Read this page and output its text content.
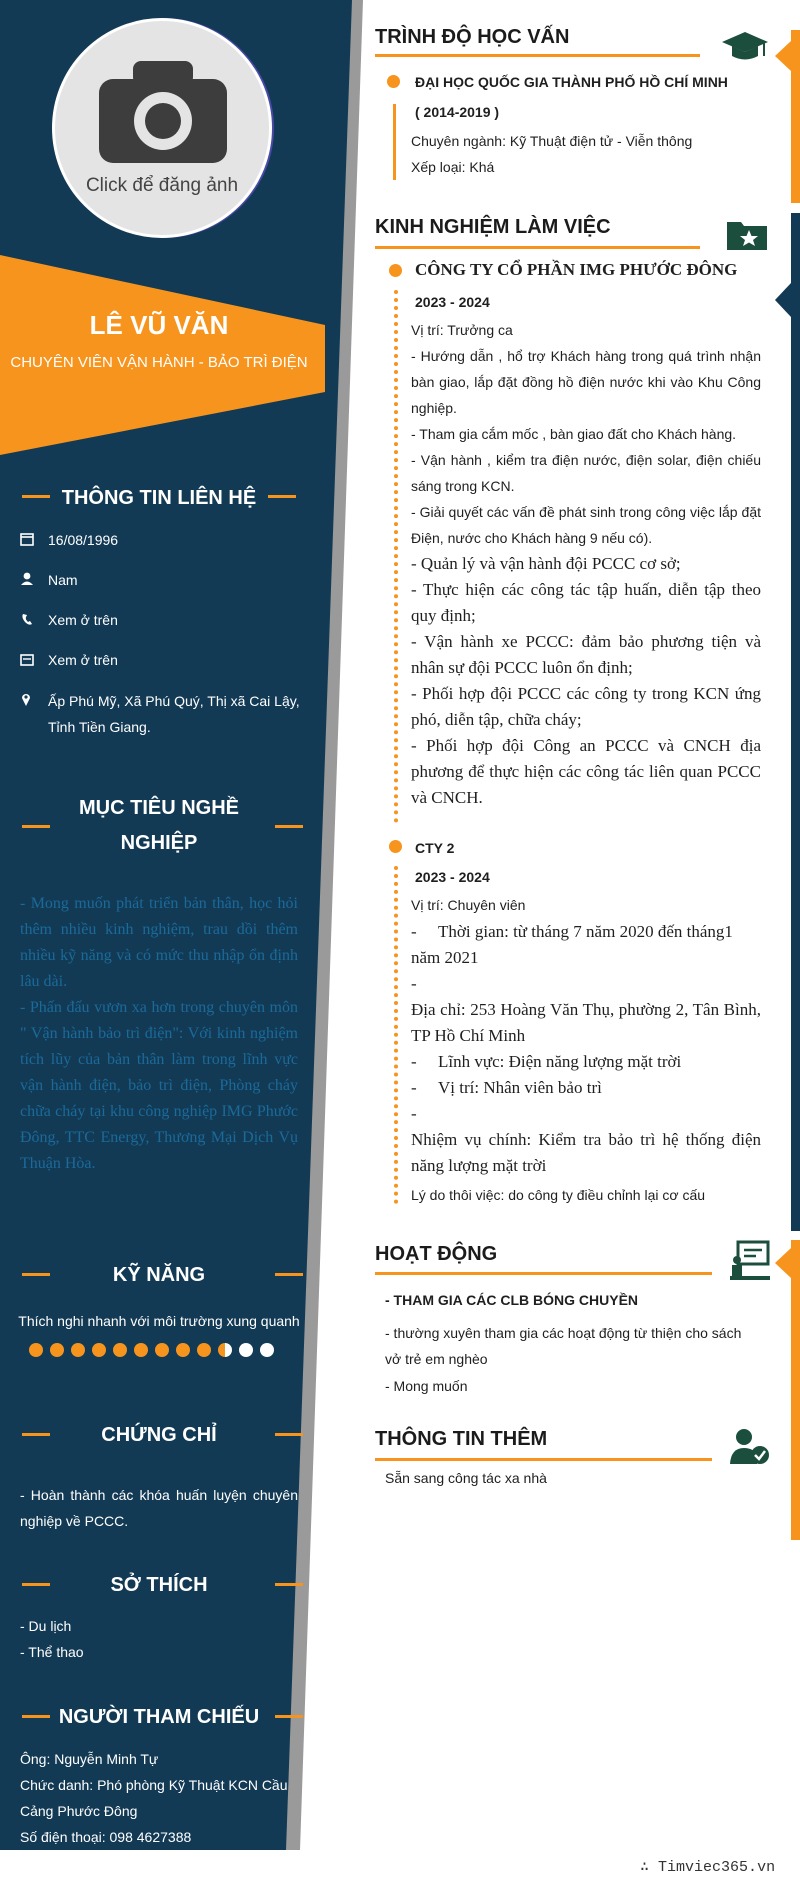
Click để đăng ảnh
LÊ VŨ VĂN
CHUYÊN VIÊN VẬN HÀNH - BẢO TRÌ ĐIỆN
THÔNG TIN LIÊN HỆ
16/08/1996
Nam
Xem ở trên
Xem ở trên
Ấp Phú Mỹ, Xã Phú Quý, Thị xã Cai Lậy,
Tỉnh Tiền Giang.
MỤC TIÊU NGHỀ
NGHIỆP
- Mong muốn phát triển bản thân, học hỏi thêm nhiều kinh nghiệm, trau dồi thêm nhiều kỹ năng và có mức thu nhập ổn định lâu dài.
- Phấn đấu vươn xa hơn trong chuyên môn " Vận hành bảo trì điện": Với kinh nghiệm tích lũy của bản thân làm trong lĩnh vực vận hành điện, bảo trì điện, Phòng cháy chữa cháy tại khu công nghiệp IMG Phước Đông, TTC Energy, Thương Mại Dịch Vụ Thuận Hòa.
KỸ NĂNG
Thích nghi nhanh với môi trường xung quanh
CHỨNG CHỈ
- Hoàn thành các khóa huấn luyện chuyên nghiệp về PCCC.
SỞ THÍCH
- Du lịch
- Thể thao
NGƯỜI THAM CHIẾU
Ông: Nguyễn Minh Tự
Chức danh: Phó phòng Kỹ Thuật KCN Cầu
Cảng Phước Đông
Số điện thoại: 098 4627388
TRÌNH ĐỘ HỌC VẤN
ĐẠI HỌC QUỐC GIA THÀNH PHỐ HỒ CHÍ MINH
( 2014-2019 )
Chuyên ngành: Kỹ Thuật điện tử - Viễn thông
Xếp loại: Khá
KINH NGHIỆM LÀM VIỆC
CÔNG TY CỔ PHẦN IMG PHƯỚC ĐÔNG
2023 - 2024
Vị trí: Trưởng ca
- Hướng dẫn , hổ trợ Khách hàng trong quá trình nhận bàn giao, lắp đặt đồng hồ điện nước khi vào Khu Công nghiệp.
- Tham gia cắm mốc , bàn giao đất cho Khách hàng.
- Vận hành , kiểm tra điện nước, điện solar, điện chiếu sáng trong KCN.
- Giải quyết các vấn đề phát sinh trong công việc lắp đặt Điện, nước cho Khách hàng 9 nếu có).
- Quản lý và vận hành đội PCCC cơ sở;
- Thực hiện các công tác tập huấn, diễn tập theo quy định;
- Vận hành xe PCCC: đảm bảo phương tiện và nhân sự đội PCCC luôn ổn định;
- Phối hợp đội PCCC các công ty trong KCN ứng phó, diễn tập, chữa cháy;
- Phối hợp đội Công an PCCC và CNCH địa phương để thực hiện các công tác liên quan PCCC và CNCH.
CTY 2
2023 - 2024
Vị trí: Chuyên viên
- Thời gian: từ tháng 7 năm 2020 đến tháng1
năm 2021
-
Địa chỉ: 253 Hoàng Văn Thụ, phường 2, Tân Bình, TP Hồ Chí Minh
- Lĩnh vực: Điện năng lượng mặt trời
- Vị trí: Nhân viên bảo trì
-
Nhiệm vụ chính: Kiểm tra bảo trì hệ thống điện năng lượng mặt trời
Lý do thôi việc: do công ty điều chỉnh lại cơ cấu
HOẠT ĐỘNG
- THAM GIA CÁC CLB BÓNG CHUYỀN
- thường xuyên tham gia các hoạt động từ thiện cho sách vở trẻ em nghèo
- Mong muốn
THÔNG TIN THÊM
Sẵn sang công tác xa nhà
∴ Timviec365.vn
